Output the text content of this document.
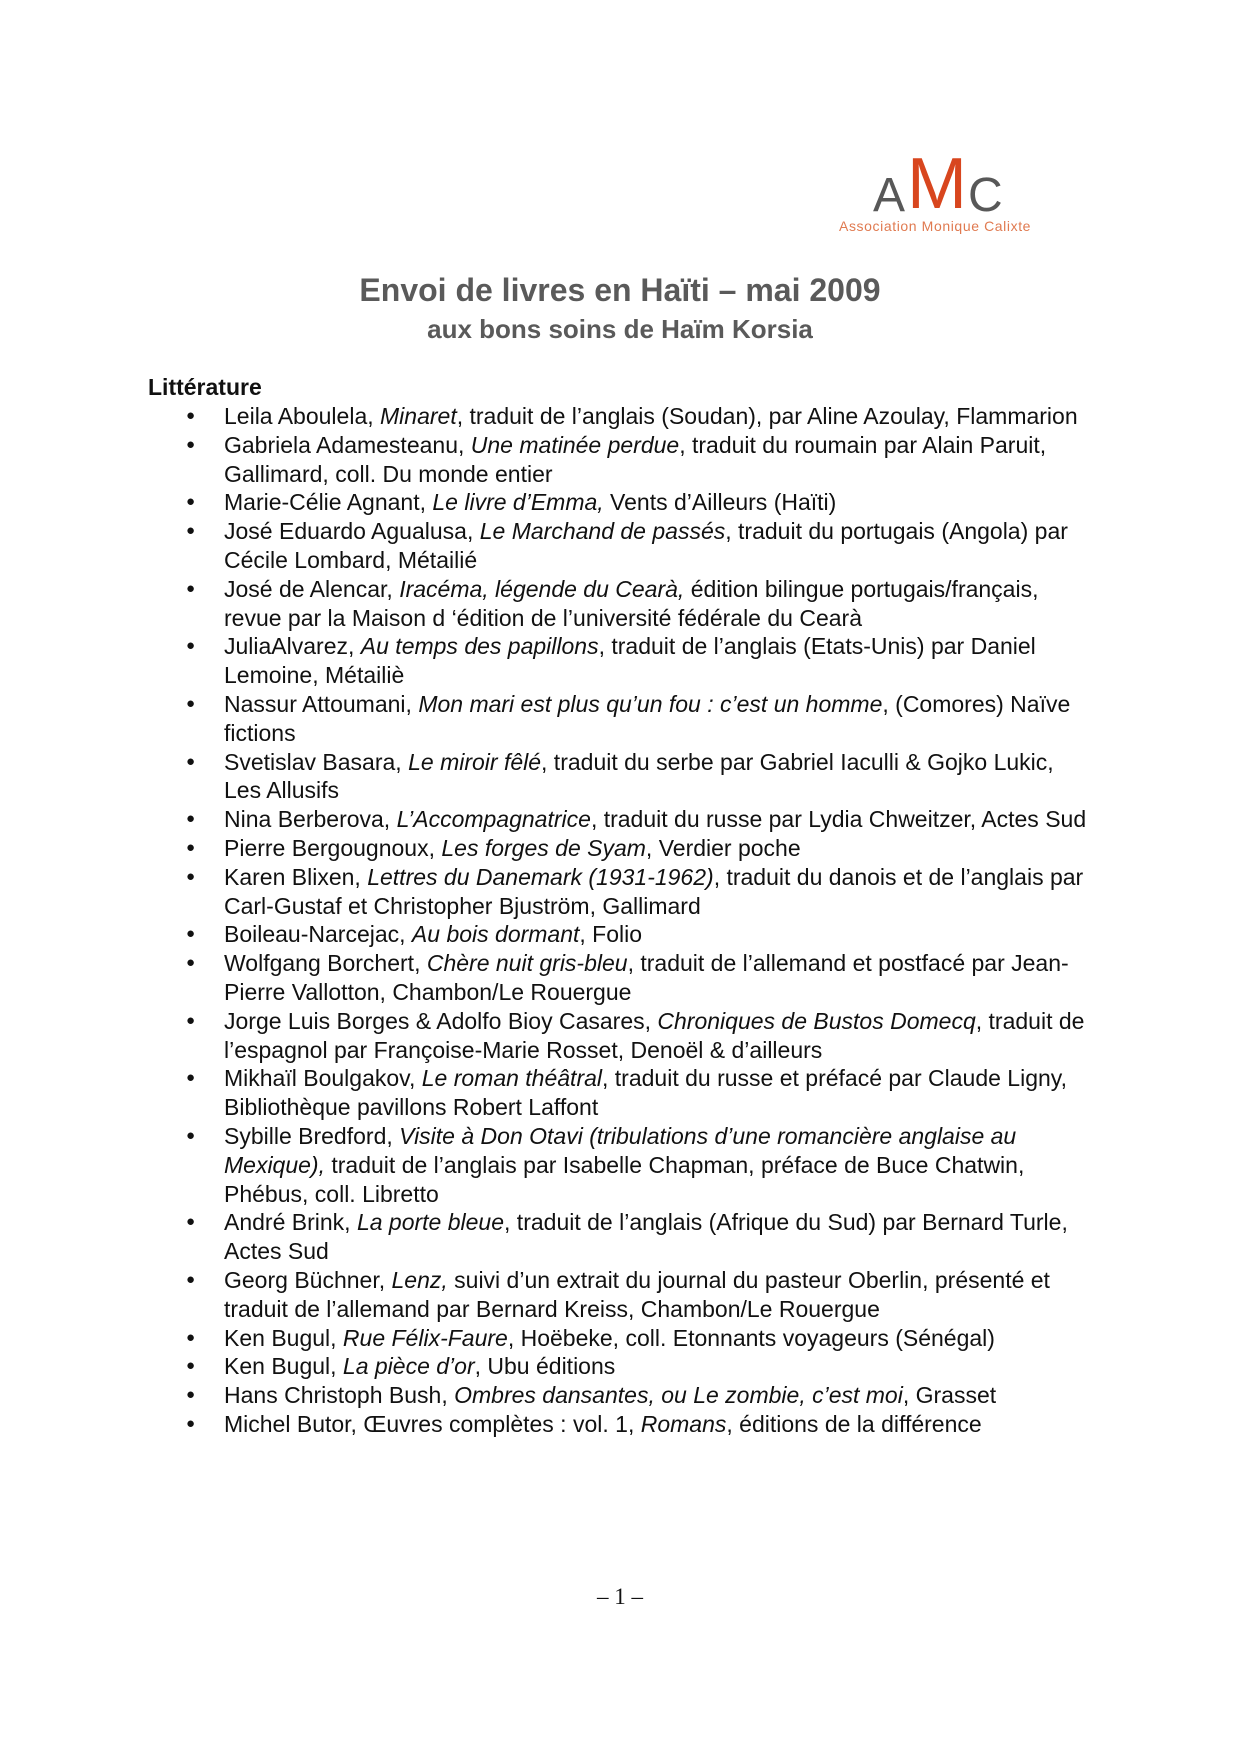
A M C
Association Monique Calixte
Envoi de livres en Haïti – mai 2009
aux bons soins de Haïm Korsia
Littérature
● Leila Aboulela, Minaret, traduit de l’anglais (Soudan), par Aline Azoulay, Flammarion
● Gabriela Adamesteanu, Une matinée perdue, traduit du roumain par Alain Paruit, Gallimard, coll. Du monde entier
● Marie-Célie Agnant, Le livre d’Emma, Vents d’Ailleurs (Haïti)
● José Eduardo Agualusa, Le Marchand de passés, traduit du portugais (Angola) par Cécile Lombard, Métailié
● José de Alencar, Iracéma, légende du Cearà, édition bilingue portugais/français, revue par la Maison d ‘édition de l’université fédérale du Cearà
● JuliaAlvarez, Au temps des papillons, traduit de l’anglais (Etats-Unis) par Daniel Lemoine, Métailiè
● Nassur Attoumani, Mon mari est plus qu’un fou : c’est un homme, (Comores) Naïve fictions
● Svetislav Basara, Le miroir fêlé, traduit du serbe par Gabriel Iaculli & Gojko Lukic, Les Allusifs
● Nina Berberova, L’Accompagnatrice, traduit du russe par Lydia Chweitzer, Actes Sud
● Pierre Bergougnoux, Les forges de Syam, Verdier poche
● Karen Blixen, Lettres du Danemark (1931-1962), traduit du danois et de l’anglais par Carl-Gustaf et Christopher Bjuström, Gallimard
● Boileau-Narcejac, Au bois dormant, Folio
● Wolfgang Borchert, Chère nuit gris-bleu, traduit de l’allemand et postfacé par Jean-Pierre Vallotton, Chambon/Le Rouergue
● Jorge Luis Borges & Adolfo Bioy Casares, Chroniques de Bustos Domecq, traduit de l’espagnol par Françoise-Marie Rosset, Denoël & d’ailleurs
● Mikhaïl Boulgakov, Le roman théâtral, traduit du russe et préfacé par Claude Ligny, Bibliothèque pavillons Robert Laffont
● Sybille Bredford, Visite à Don Otavi (tribulations d’une romancière anglaise au Mexique), traduit de l’anglais par Isabelle Chapman, préface de Buce Chatwin, Phébus, coll. Libretto
● André Brink, La porte bleue, traduit de l’anglais (Afrique du Sud) par Bernard Turle, Actes Sud
● Georg Büchner, Lenz, suivi d’un extrait du journal du pasteur Oberlin, présenté et traduit de l’allemand par Bernard Kreiss, Chambon/Le Rouergue
● Ken Bugul, Rue Félix-Faure, Hoëbeke, coll. Etonnants voyageurs (Sénégal)
● Ken Bugul, La pièce d’or, Ubu éditions
● Hans Christoph Bush, Ombres dansantes, ou Le zombie, c’est moi, Grasset
● Michel Butor, Œuvres complètes : vol. 1, Romans, éditions de la différence
– 1 –
